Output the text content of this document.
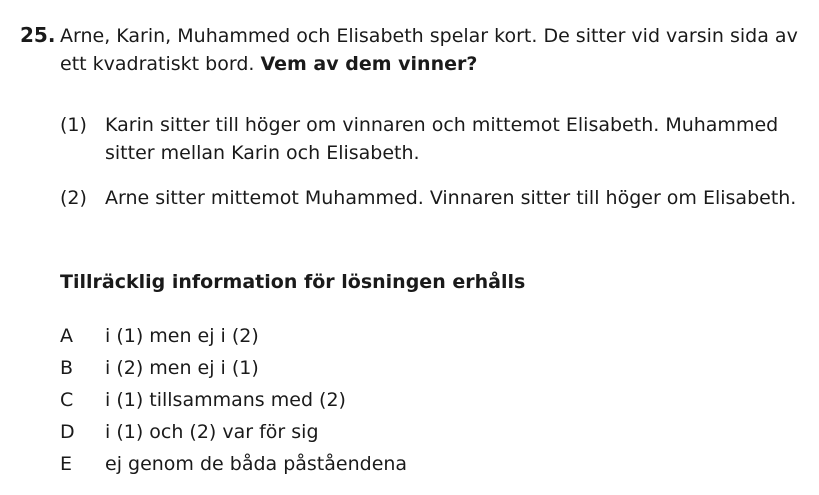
25. Arne, Karin, Muhammed och Elisabeth spelar kort. De sitter vid varsin sida av ett kvadratiskt bord. Vem av dem vinner?
(1) Karin sitter till höger om vinnaren och mittemot Elisabeth. Muhammed sitter mellan Karin och Elisabeth.
(2) Arne sitter mittemot Muhammed. Vinnaren sitter till höger om Elisabeth.
Tillräcklig information för lösningen erhålls
A	i (1) men ej i (2)
B	i (2) men ej i (1)
C	i (1) tillsammans med (2)
D	i (1) och (2) var för sig
E	ej genom de båda påståendena
